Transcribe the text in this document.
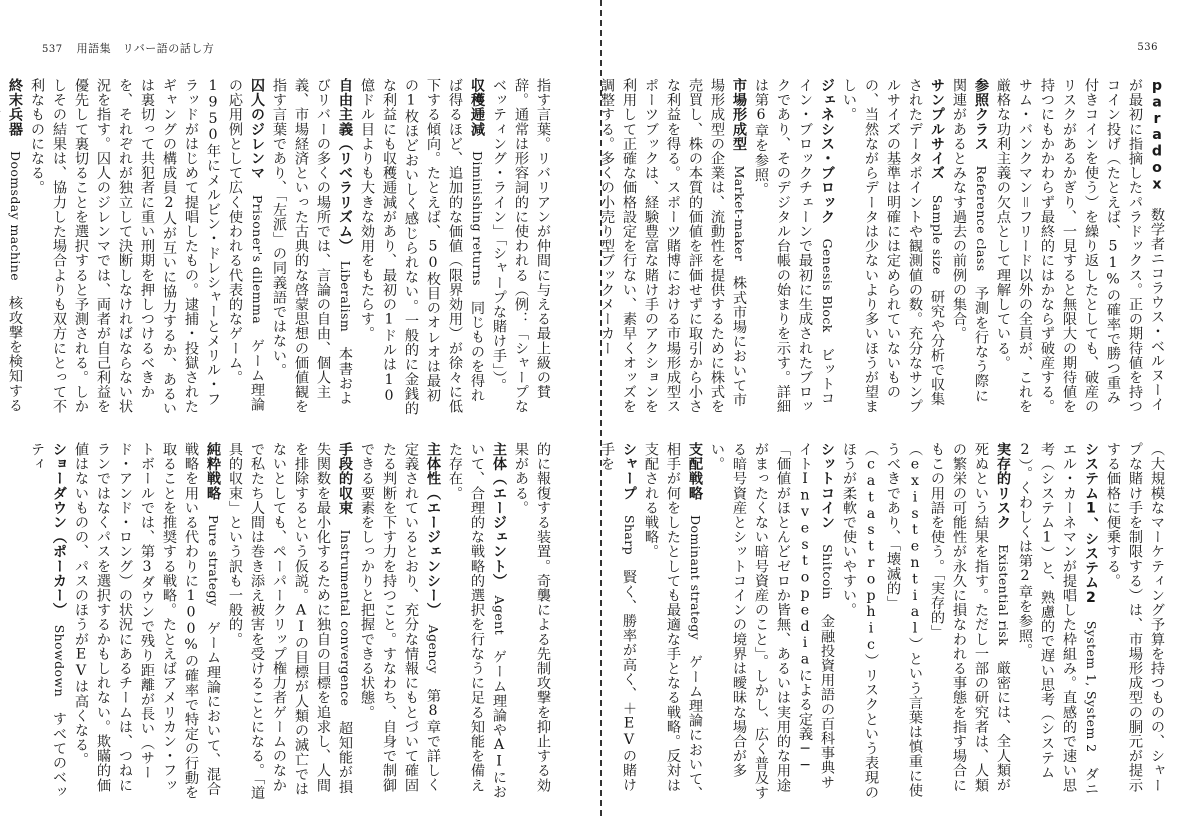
537 用語集　リバー語の話し方
指す言葉。リバリアンが仲間に与える最上級の賛辞。通常は形容詞的に使われる（例：「シャープなベッティング・ライン」「シャープな賭け手」）。
収穫逓減　Diminishing returns　同じものを得れば得るほど、追加的な価値（限界効用）が徐々に低下する傾向。たとえば、50枚目のオレオは最初の1枚ほどおいしく感じられない。一般的に金銭的な利益にも収穫逓減があり、最初の1ドルは10億ドル目よりも大きな効用をもたらす。
自由主義（リベラリズム）　Liberalism　本書およびリバーの多くの場所では、言論の自由、個人主義、市場経済といった古典的な啓蒙思想の価値観を指す言葉であり、「左派」の同義語ではない。
囚人のジレンマ　Prisoner's dilemma　ゲーム理論の応用例として広く使われる代表的なゲーム。1950年にメルビン・ドレシャーとメリル・フラッドがはじめて提唱したもの。逮捕・投獄されたギャングの構成員2人が互いに協力するか、あるいは裏切って共犯者に重い刑期を押しつけるべきかを、それぞれが独立して決断しなければならない状況を指す。囚人のジレンマでは、両者が自己利益を優先して裏切ることを選択すると予測される。しかしその結果は、協力した場合よりも双方にとって不利なものになる。
終末兵器　Doomsday machine　核攻撃を検知する
的に報復する装置。奇襲による先制攻撃を抑止する効果がある。
主体（エージェント）　Agent　ゲーム理論やAIにおいて、合理的な戦略的選択を行なうに足る知能を備えた存在。
主体性（エージェンシー）　Agency　第8章で詳しく定義されているとおり、充分な情報にもとづいて確固たる判断を下す力を持つこと。すなわち、自身で制御できる要素をしっかりと把握できる状態。
手段的収束　Instrumental convergence　超知能が損失関数を最小化するために独自の目標を追求し、人間を排除するという仮説。AIの目標が人類の滅亡ではないとしても、ペーパークリップ権力者ゲームのなかで私たち人間は巻き添え被害を受けることになる。「道具的収束」という訳も一般的。
純粋戦略　Pure strategy　ゲーム理論において、混合戦略を用いる代わりに100%の確率で特定の行動を取ることを推奨する戦略。たとえばアメリカン・フットボールでは、第3ダウンで残り距離が長い（サード・アンド・ロング）の状況にあるチームは、つねにランではなくパスを選択するかもしれない。欺瞞的価値はないものの、パスのほうがEVは高くなる。
ショーダウン（ポーカー）　Showdown　すべてのベッティ
536
paradox　数学者ニコラウス・ベルヌーイが最初に指摘したパラドックス。正の期待値を持つコイン投げ（たとえば、51%の確率で勝つ重み付きコインを使う）を繰り返したとしても、破産のリスクがあるかぎり、一見すると無限大の期待値を持つにもかかわらず最終的にはかならず破産する。サム・バンクマン＝フリード以外の全員が、これを厳格な功利主義の欠点として理解している。
参照クラス　Reference class　予測を行なう際に関連があるとみなす過去の前例の集合。
サンプルサイズ　Sample size　研究や分析で収集されたデータポイントや観測値の数。充分なサンプルサイズの基準は明確には定められていないものの、当然ながらデータは少ないより多いほうが望ましい。
ジェネシス・ブロック　Genesis Block　ビットコイン・ブロックチェーンで最初に生成されたブロックであり、そのデジタル台帳の始まりを示す。詳細は第6章を参照。
市場形成型　Market-maker　株式市場において市場形成型の企業は、流動性を提供するために株式を売買し、株の本質的価値を評価せずに取引から小さな利益を得る。スポーツ賭博における市場形成型スポーツブックは、経験豊富な賭け手のアクションを利用して正確な価格設定を行ない、素早くオッズを調整する。多くの小売り型ブックメーカー
（大規模なマーケティング予算を持つものの、シャープな賭け手を制限する）は、市場形成型の胴元が提示する価格に便乗する。
システム1、システム2　System 1, System 2　ダニエル・カーネマンが提唱した枠組み。直感的で速い思考（システム1）と、熟慮的で遅い思考（システム2）。くわしくは第2章を参照。
実存的リスク　Existential risk　厳密には、全人類が死ぬという結果を指す。ただし一部の研究者は、人類の繁栄の可能性が永久に損なわれる事態を指す場合にもこの用語を使う。「実存的」（existential）という言葉は慎重に使うべきであり、「壊滅的」（catastrophic）リスクという表現のほうが柔軟で使いやすい。
シットコイン　Shitcoin　金融投資用語の百科事典サイトInvestopediaによる定義──「価値がほとんどゼロか皆無、あるいは実用的な用途がまったくない暗号資産のこと」。しかし、広く普及する暗号資産とシットコインの境界は曖昧な場合が多い。
支配戦略　Dominant strategy　ゲーム理論において、相手が何をしたとしても最適な手となる戦略。反対は支配される戦略。
シャープ　Sharp　賢く、勝率が高く、＋EVの賭け手を
